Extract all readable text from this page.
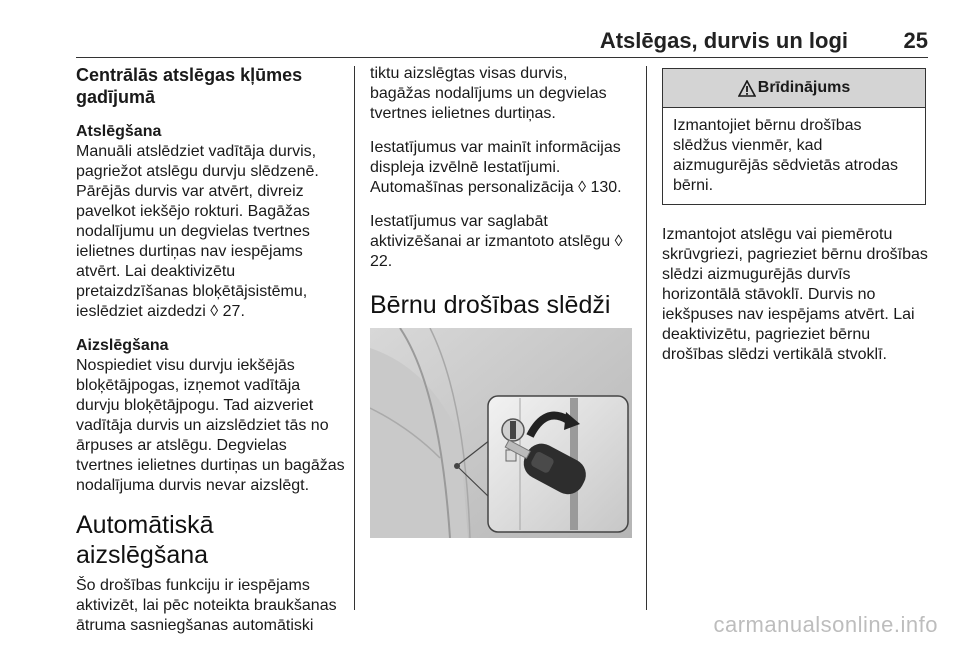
Atslēgas, durvis un logi	25
Centrālās atslēgas kļūmes gadījumā
Atslēgšana

Manuāli atslēdziet vadītāja durvis, pagriežot atslēgu durvju slēdzenē. Pārējās durvis var atvērt, divreiz pavelkot iekšējo rokturi. Bagāžas nodalījumu un degvielas tvertnes ielietnes durtiņas nav iespējams atvērt. Lai deaktivizētu pretaizdzīšanas bloķētājsistēmu, ieslēdziet aizdedzi ◊ 27.

Aizslēgšana

Nospiediet visu durvju iekšējās bloķētājpogas, izņemot vadītāja durvju bloķētājpogu. Tad aizveriet vadītāja durvis un aizslēdziet tās no ārpuses ar atslēgu. Degvielas tvertnes ielietnes durtiņas un bagāžas nodalījuma durvis nevar aizslēgt.

Automātiskā aizslēgšana

Šo drošības funkciju ir iespējams aktivizēt, lai pēc noteikta braukšanas ātruma sasniegšanas automātiski

tiktu aizslēgtas visas durvis, bagāžas nodalījums un degvielas tvertnes ielietnes durtiņas.

Iestatījumus var mainīt informācijas displeja izvēlnē Iestatījumi. Automašīnas personalizācija ◊ 130.

Iestatījumus var saglabāt aktivizēšanai ar izmantoto atslēgu ◊ 22.

Bērnu drošības slēdži
Brīdinājums
Izmantojiet bērnu drošības slēdžus vienmēr, kad aizmugurējās sēdvietās atrodas bērni.

Izmantojot atslēgu vai piemērotu skrūvgriezi, pagrieziet bērnu drošības slēdzi aizmugurējās durvīs horizontālā stāvoklī. Durvis no iekšpuses nav iespējams atvērt. Lai deaktivizētu, pagrieziet bērnu drošības slēdzi vertikālā stvoklī.

carmanualsonline.info
